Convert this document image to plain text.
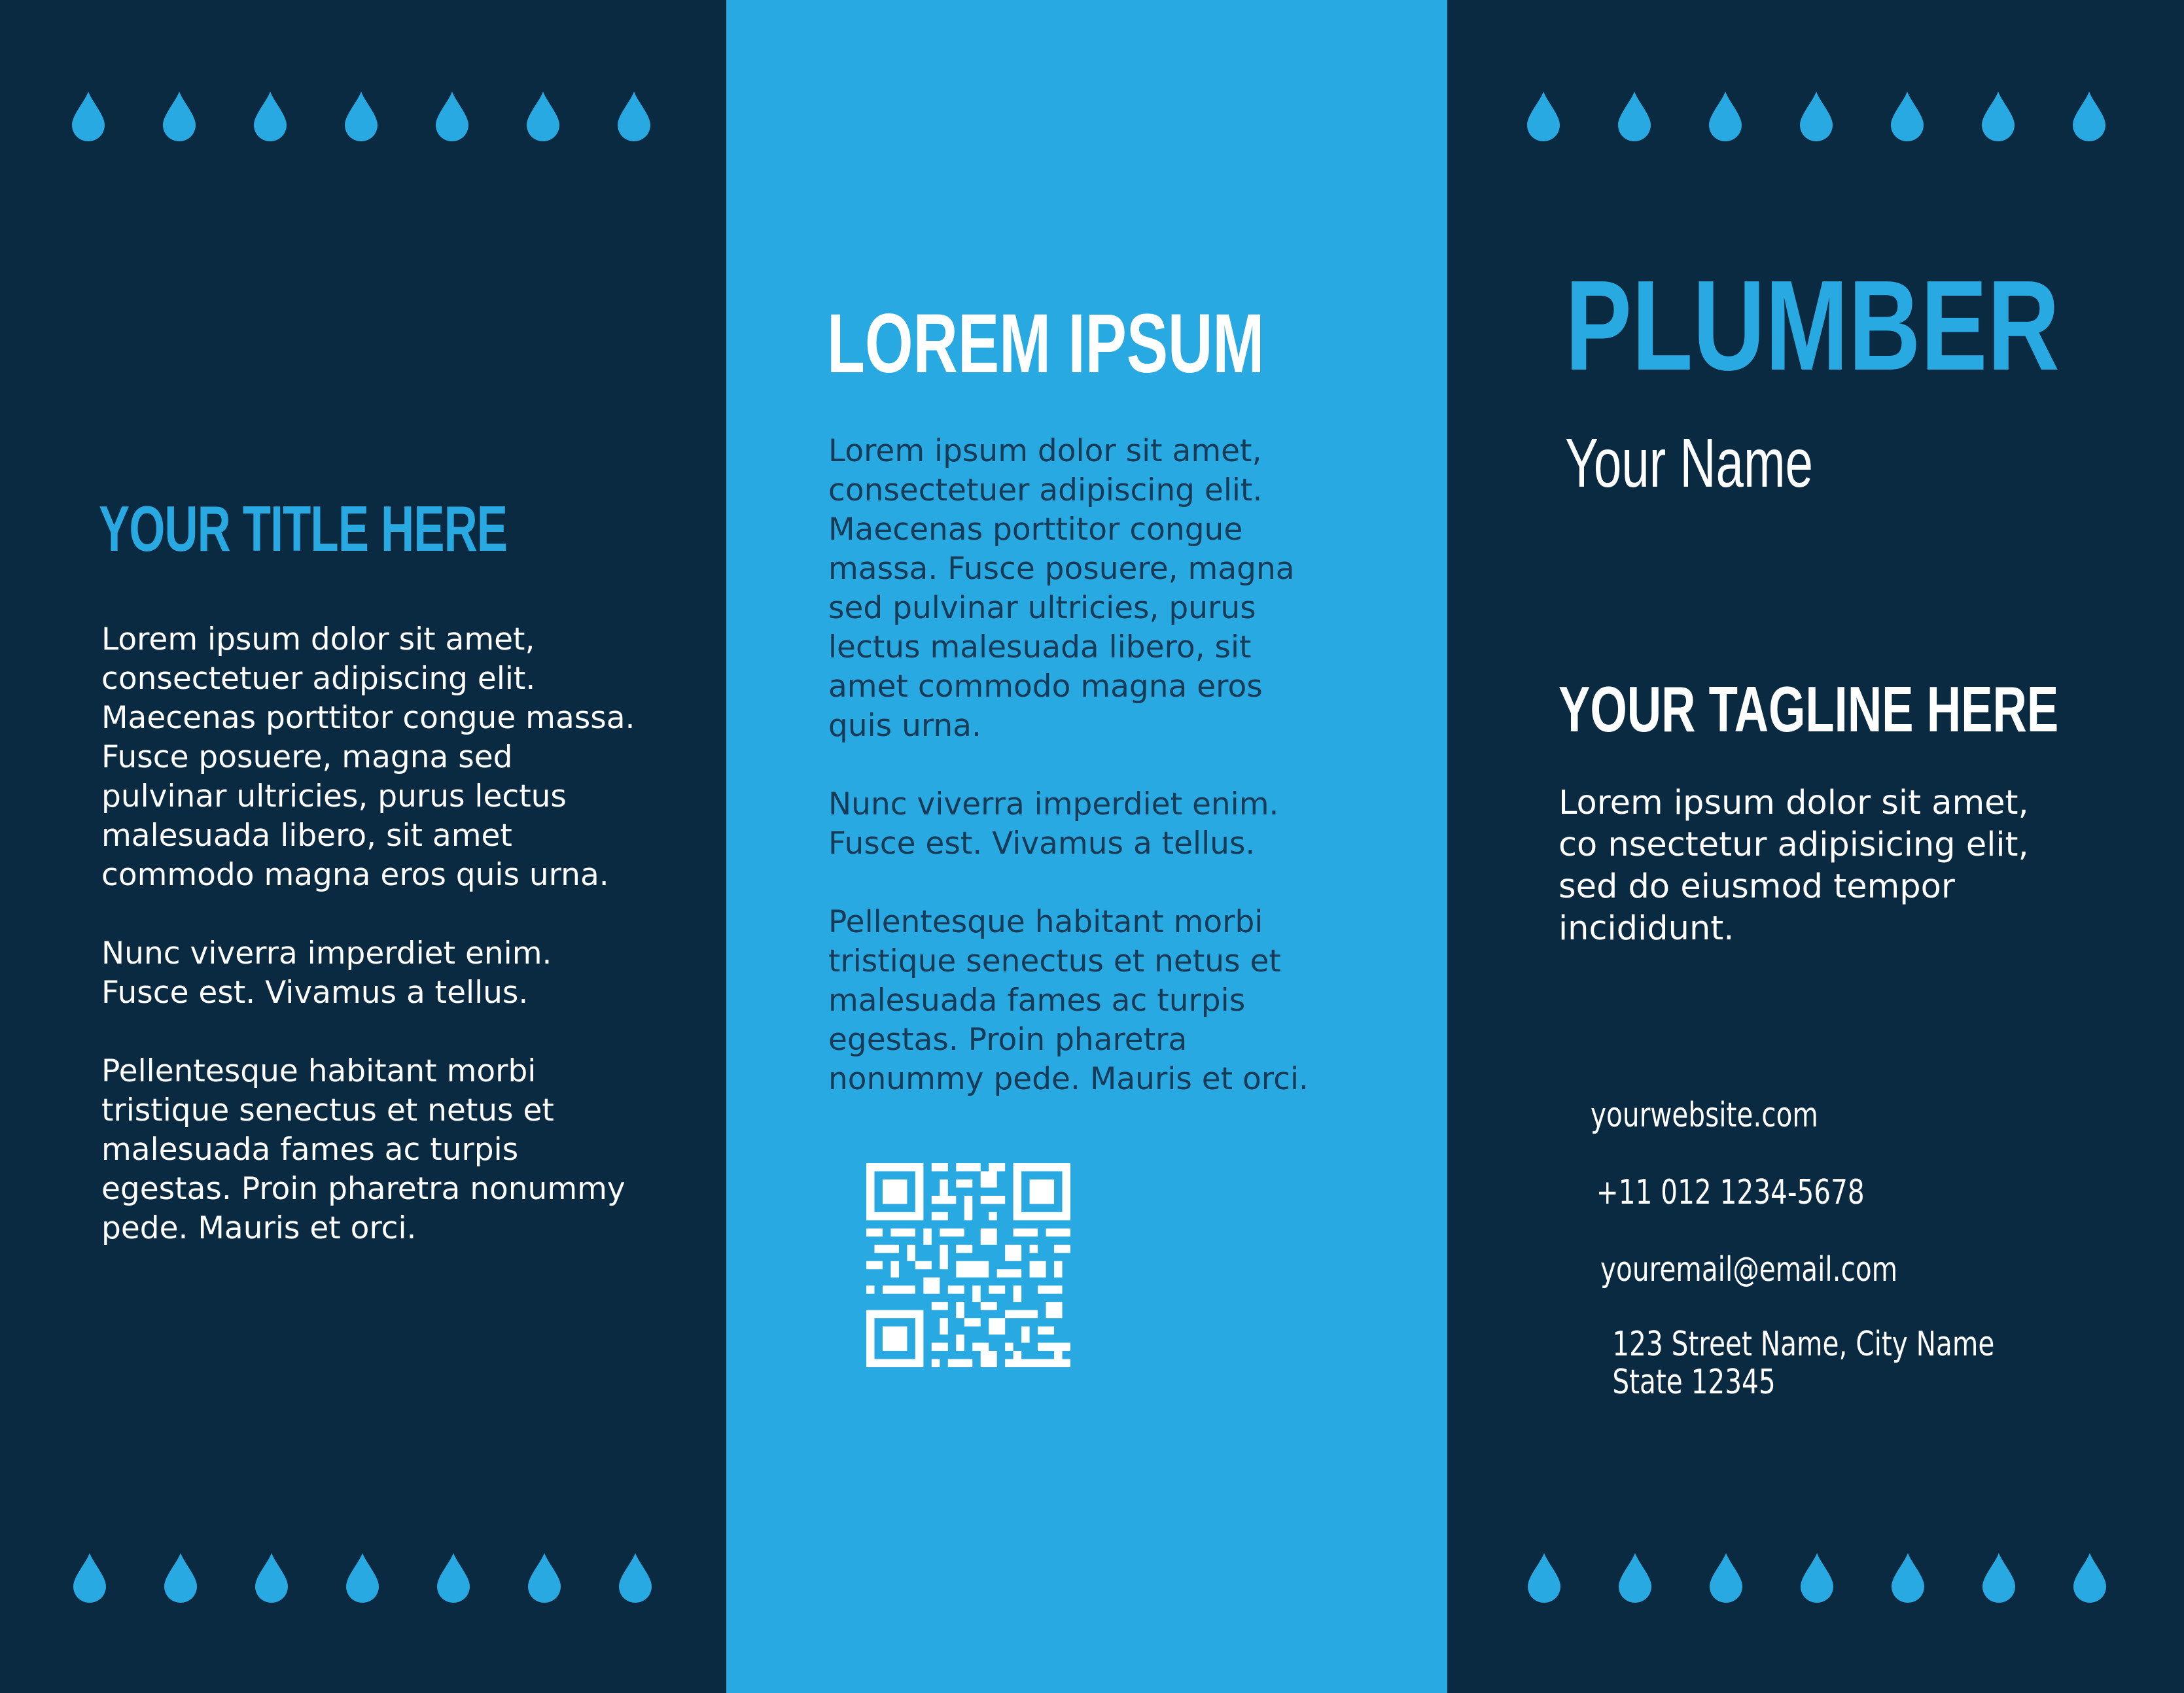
YOUR TITLE HERE

Lorem ipsum dolor sit amet,
consectetuer adipiscing elit.
Maecenas porttitor congue massa.
Fusce posuere, magna sed
pulvinar ultricies, purus lectus
malesuada libero, sit amet
commodo magna eros quis urna.

Nunc viverra imperdiet enim.
Fusce est. Vivamus a tellus.

Pellentesque habitant morbi
tristique senectus et netus et
malesuada fames ac turpis
egestas. Proin pharetra nonummy
pede. Mauris et orci.

LOREM IPSUM

Lorem ipsum dolor sit amet,
consectetuer adipiscing elit.
Maecenas porttitor congue
massa. Fusce posuere, magna
sed pulvinar ultricies, purus
lectus malesuada libero, sit
amet commodo magna eros
quis urna.

Nunc viverra imperdiet enim.
Fusce est. Vivamus a tellus.

Pellentesque habitant morbi
tristique senectus et netus et
malesuada fames ac turpis
egestas. Proin pharetra
nonummy pede. Mauris et orci.

PLUMBER
Your Name
YOUR TAGLINE HERE

Lorem ipsum dolor sit amet,
co nsectetur adipisicing elit,
sed do eiusmod tempor
incididunt.

yourwebsite.com
+11 012 1234-5678
youremail@email.com
123 Street Name, City Name
State 12345
